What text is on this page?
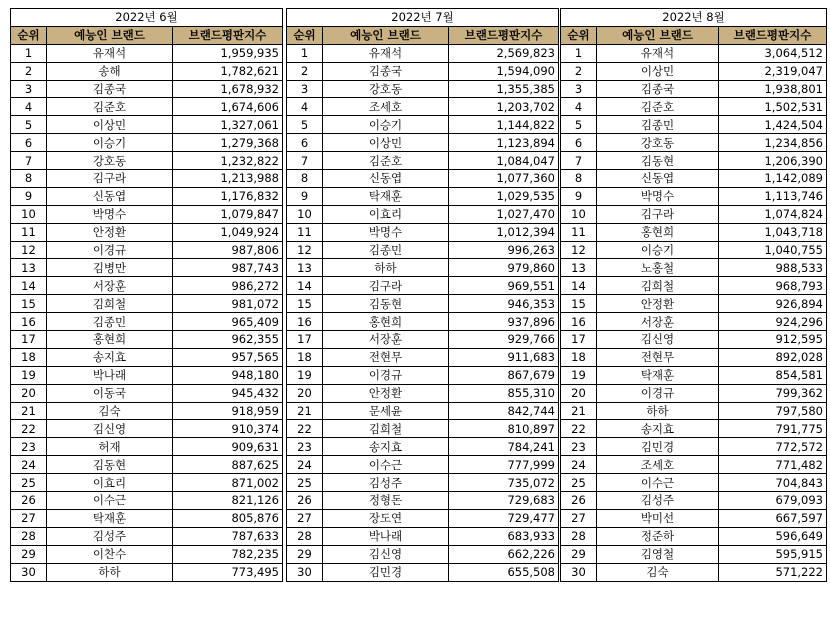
2022년 6월		
순위	예능인 브랜드	브랜드평판지수
1	유재석	1,959,935
2	송해	1,782,621
3	김종국	1,678,932
4	김준호	1,674,606
5	이상민	1,327,061
6	이승기	1,279,368
7	강호동	1,232,822
8	김구라	1,213,988
9	신동엽	1,176,832
10	박명수	1,079,847
11	안정환	1,049,924
12	이경규	987,806
13	김병만	987,743
14	서장훈	986,272
15	김희철	981,072
16	김종민	965,409
17	홍현희	962,355
18	송지효	957,565
19	박나래	948,180
20	이동국	945,432
21	김숙	918,959
22	김신영	910,374
23	허재	909,631
24	김동현	887,625
25	이효리	871,002
26	이수근	821,126
27	탁재훈	805,876
28	김성주	787,633
29	이찬수	782,235
30	하하	773,495
2022년 7월		
순위	예능인 브랜드	브랜드평판지수
1	유재석	2,569,823
2	김종국	1,594,090
3	강호동	1,355,385
4	조세호	1,203,702
5	이승기	1,144,822
6	이상민	1,123,894
7	김준호	1,084,047
8	신동엽	1,077,360
9	탁재훈	1,029,535
10	이효리	1,027,470
11	박명수	1,012,394
12	김종민	996,263
13	하하	979,860
14	김구라	969,551
15	김동현	946,353
16	홍현희	937,896
17	서장훈	929,766
18	전현무	911,683
19	이경규	867,679
20	안정환	855,310
21	문세윤	842,744
22	김희철	810,897
23	송지효	784,241
24	이수근	777,999
25	김성주	735,072
26	정형돈	729,683
27	장도연	729,477
28	박나래	683,933
29	김신영	662,226
30	김민경	655,508
2022년 8월		
순위	예능인 브랜드	브랜드평판지수
1	유재석	3,064,512
2	이상민	2,319,047
3	김종국	1,938,801
4	김준호	1,502,531
5	김종민	1,424,504
6	강호동	1,234,856
7	김동현	1,206,390
8	신동엽	1,142,089
9	박명수	1,113,746
10	김구라	1,074,824
11	홍현희	1,043,718
12	이승기	1,040,755
13	노홍철	988,533
14	김희철	968,793
15	안정환	926,894
16	서장훈	924,296
17	김신영	912,595
18	전현무	892,028
19	탁재훈	854,581
20	이경규	799,362
21	하하	797,580
22	송지효	791,775
23	김민경	772,572
24	조세호	771,482
25	이수근	704,843
26	김성주	679,093
27	박미선	667,597
28	정준하	596,649
29	김영철	595,915
30	김숙	571,222
